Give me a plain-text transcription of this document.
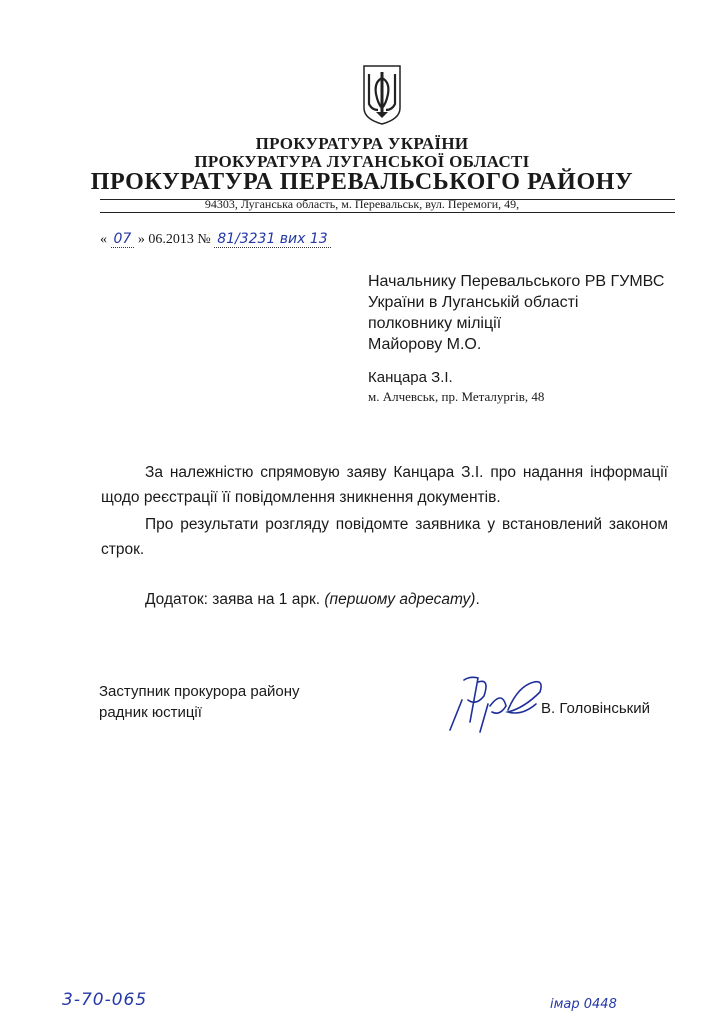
ПРОКУРАТУРА УКРАЇНИ
ПРОКУРАТУРА ЛУГАНСЬКОЇ ОБЛАСТІ
ПРОКУРАТУРА ПЕРЕВАЛЬСЬКОГО РАЙОНУ
94303, Луганська область, м. Перевальськ, вул. Перемоги, 49,
« 07 » 06.2013 № 81/3231 вих 13
Начальнику Перевальського РВ ГУМВС
України в Луганській області
полковнику міліції
Майорову М.О.
Канцара З.І.
м. Алчевськ, пр. Металургів, 48
За належністю спрямовую заяву Канцара З.І. про надання інформації щодо реєстрації її повідомлення зникнення документів.
Про результати розгляду повідомте заявника у встановлений законом строк.
Додаток: заява на 1 арк. (першому адресату).
Заступник прокурора району
радник юстиції	В. Головінський
3-70-065	імар 0448
